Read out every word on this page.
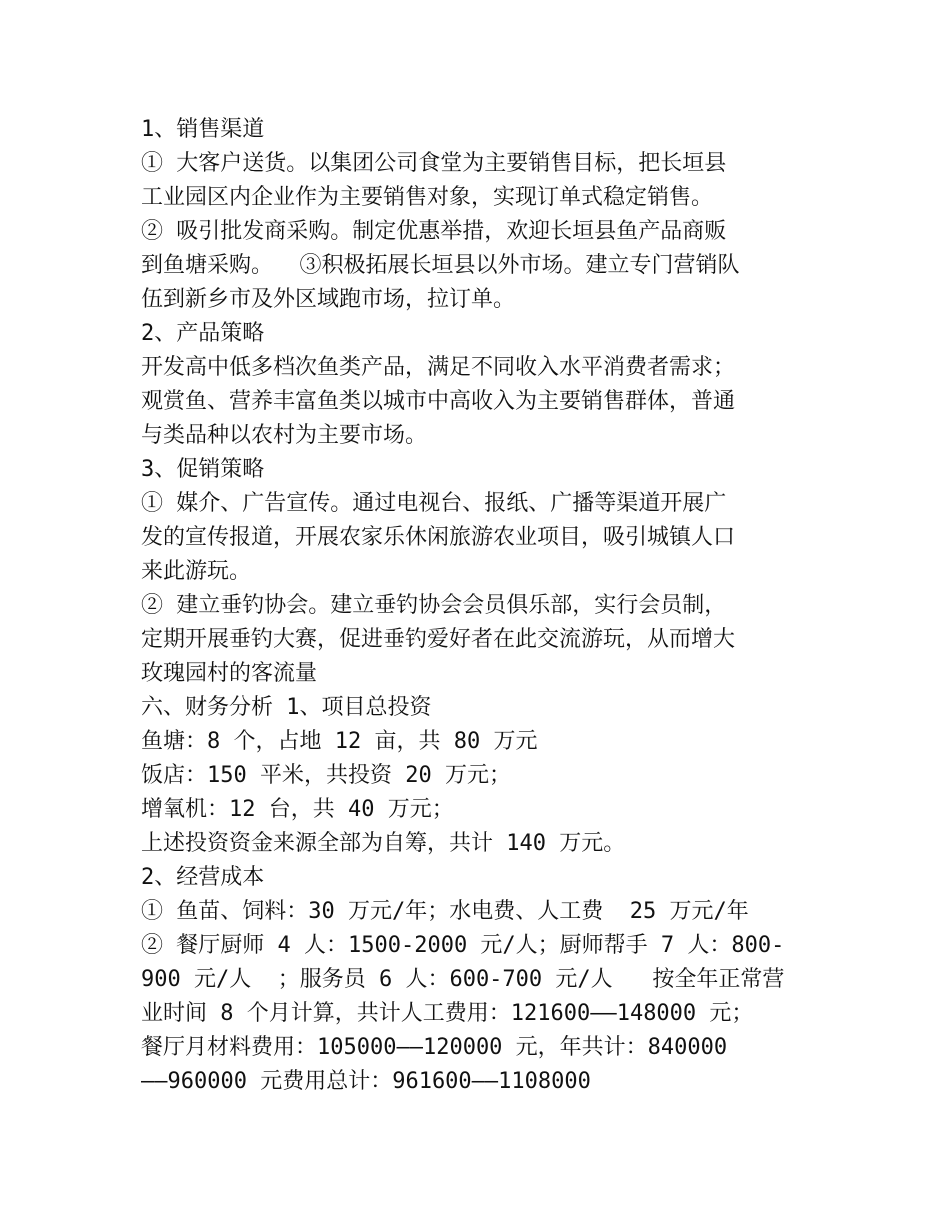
1、销售渠道

① 大客户送货。以集团公司食堂为主要销售目标，把长垣县

工业园区内企业作为主要销售对象，实现订单式稳定销售。

② 吸引批发商采购。制定优惠举措，欢迎长垣县鱼产品商贩

到鱼塘采购。  ③积极拓展长垣县以外市场。建立专门营销队

伍到新乡市及外区域跑市场，拉订单。

2、产品策略

开发高中低多档次鱼类产品，满足不同收入水平消费者需求；

观赏鱼、营养丰富鱼类以城市中高收入为主要销售群体，普通

与类品种以农村为主要市场。

3、促销策略

① 媒介、广告宣传。通过电视台、报纸、广播等渠道开展广

发的宣传报道，开展农家乐休闲旅游农业项目，吸引城镇人口

来此游玩。

② 建立垂钓协会。建立垂钓协会会员俱乐部，实行会员制，

定期开展垂钓大赛，促进垂钓爱好者在此交流游玩，从而增大

玫瑰园村的客流量

六、财务分析 1、项目总投资

鱼塘：8 个，占地 12 亩，共 80 万元

饭店：150 平米，共投资 20 万元；

增氧机：12 台，共 40 万元；

上述投资资金来源全部为自筹，共计 140 万元。

2、经营成本

① 鱼苗、饲料：30 万元/年；水电费、人工费  25 万元/年

② 餐厅厨师 4 人：1500-2000 元/人；厨师帮手 7 人：800-

900 元/人  ；服务员 6 人：600-700 元/人   按全年正常营

业时间 8 个月计算，共计人工费用：121600——148000 元；

餐厅月材料费用：105000——120000 元，年共计：840000

——960000 元费用总计：961600——1108000
